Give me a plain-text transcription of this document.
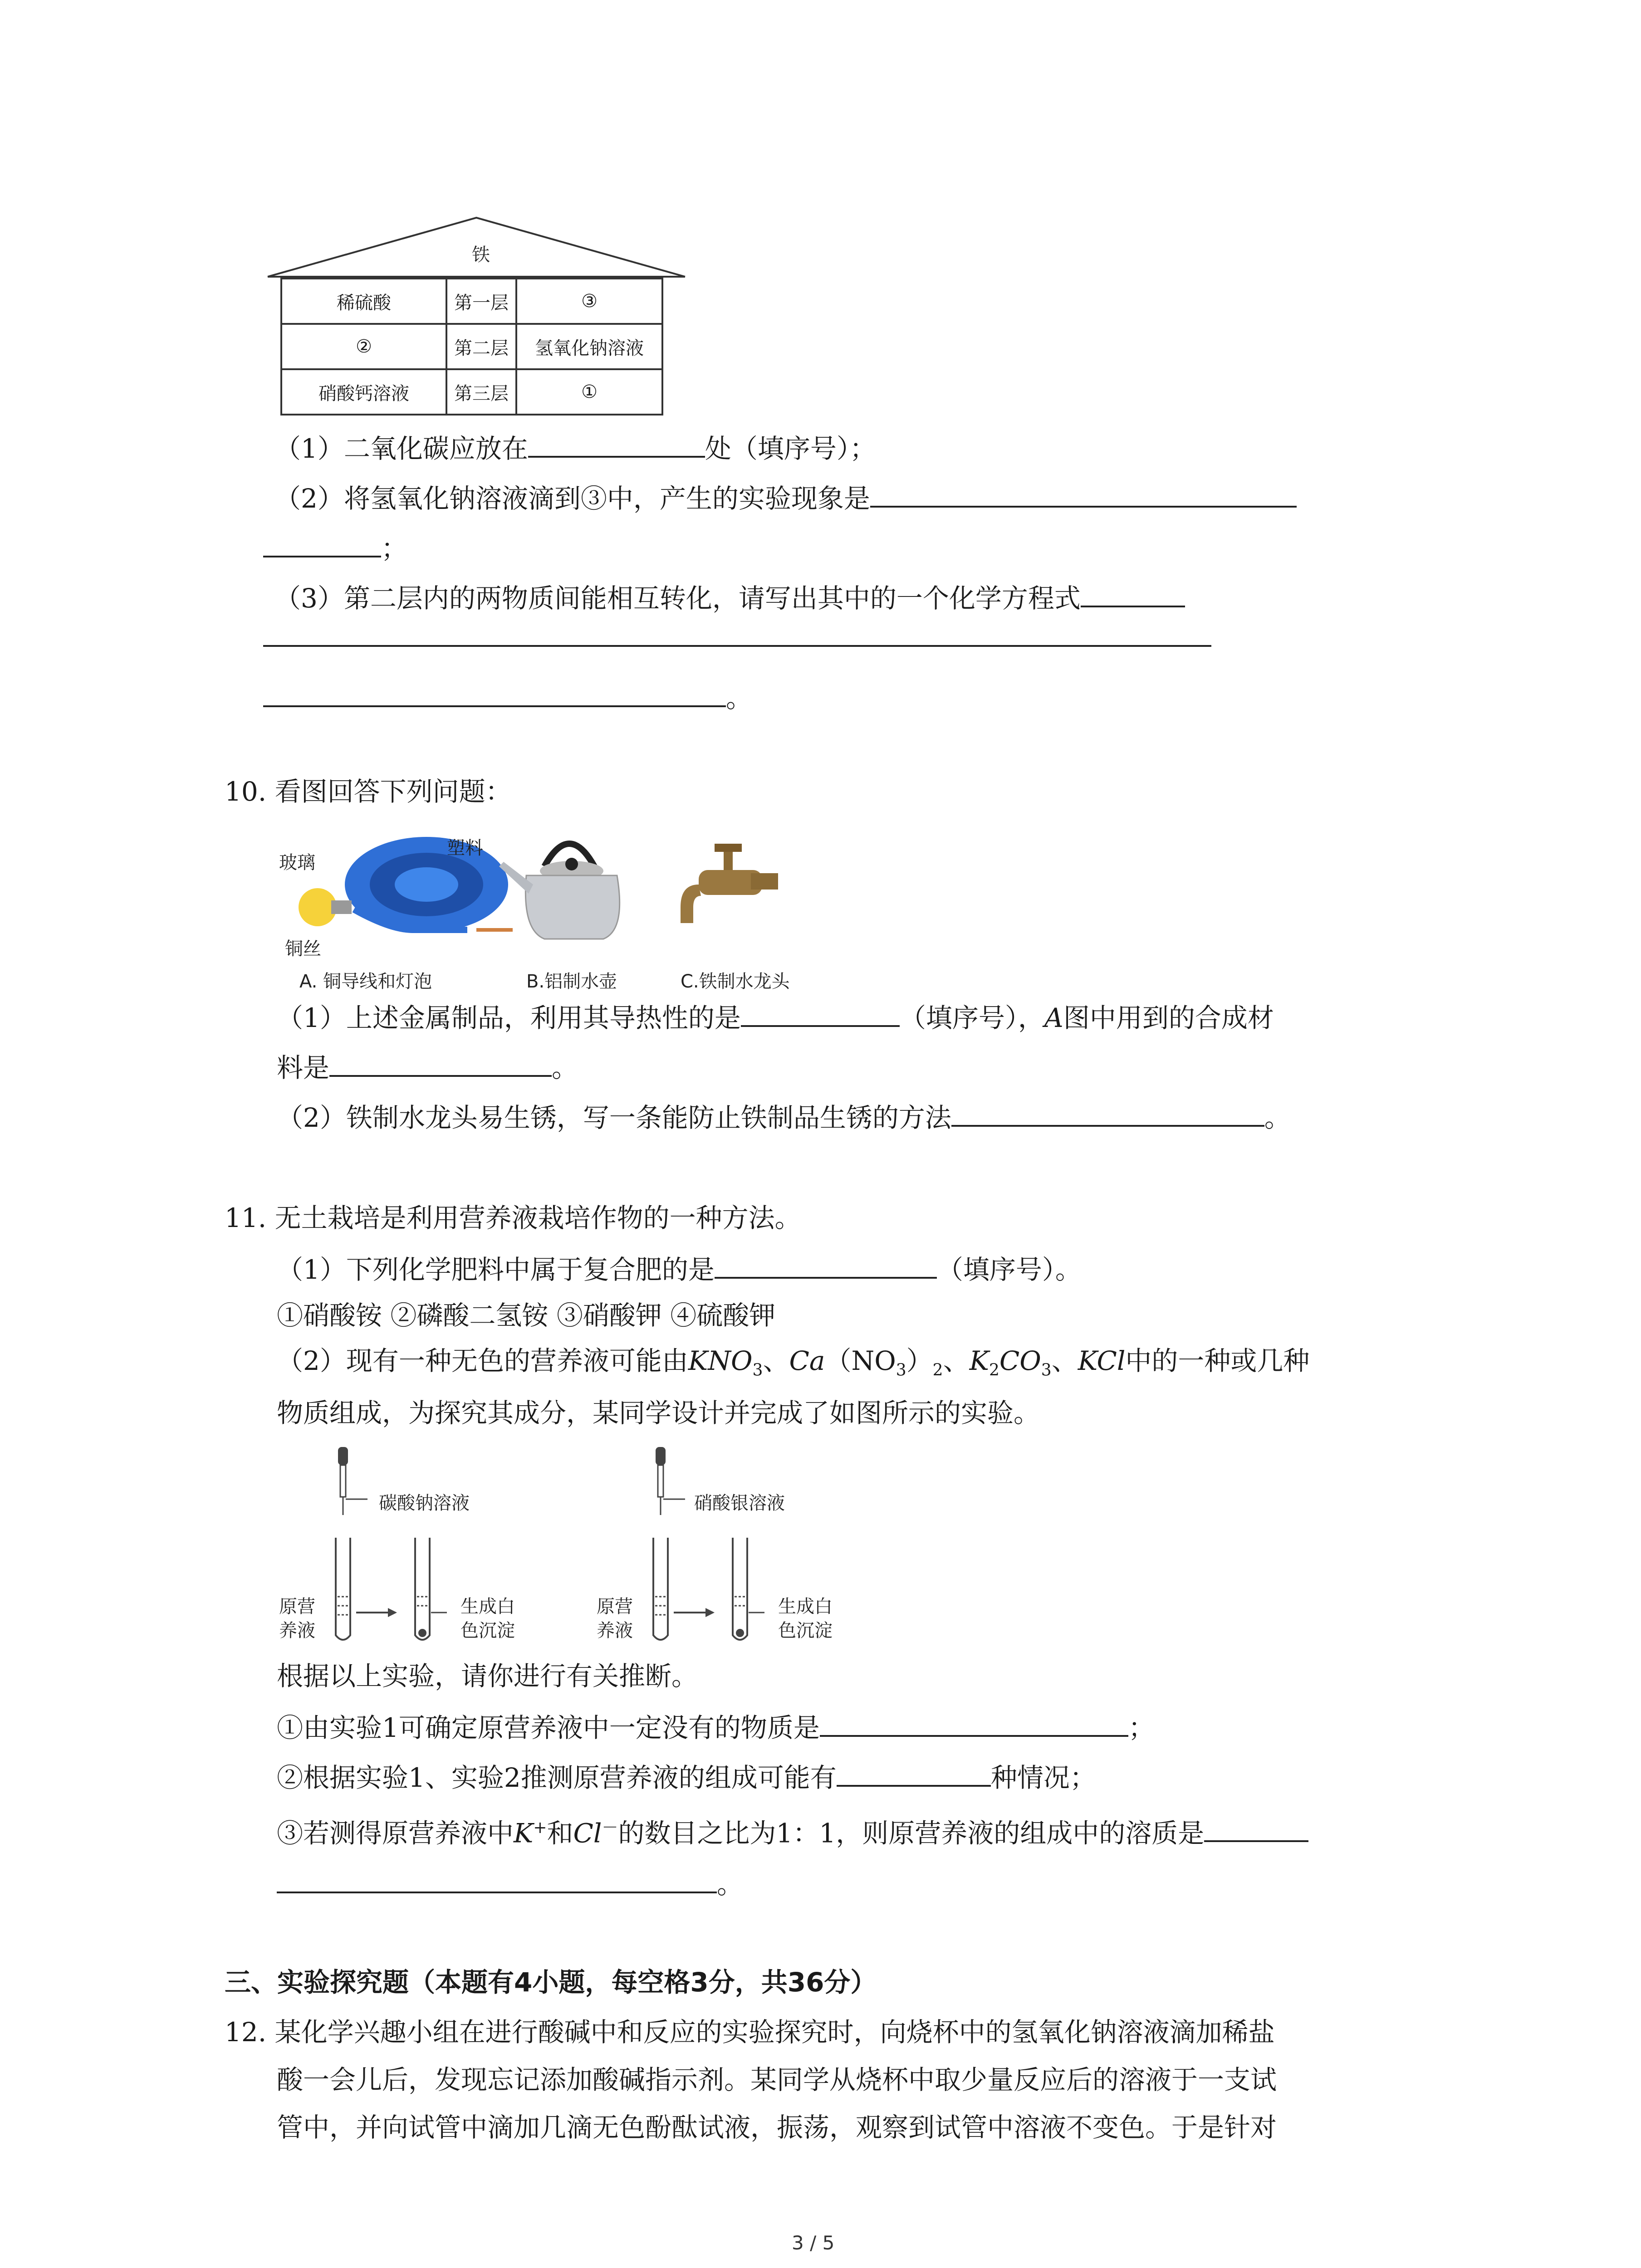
铁
稀硫酸	第一层	③
②	第二层	氢氧化钠溶液
硝酸钙溶液	第三层	①
（1）二氧化碳应放在	处（填序号）；
（2）将氢氧化钠溶液滴到③中，产生的实验现象是
；
（3）第二层内的两物质间能相互转化，请写出其中的一个化学方程式
。
10. 看图回答下列问题：
玻璃
塑料
铜丝
A. 铜导线和灯泡	B.铝制水壶	C.铁制水龙头
（1）上述金属制品，利用其导热性的是	（填序号），A图中用到的合成材
料是	。
（2）铁制水龙头易生锈，写一条能防止铁制品生锈的方法	。
11. 无土栽培是利用营养液栽培作物的一种方法。
（1）下列化学肥料中属于复合肥的是	（填序号）。
①硝酸铵 ②磷酸二氢铵 ③硝酸钾 ④硫酸钾
（2）现有一种无色的营养液可能由$KNO_3$、$Ca(NO_3)_2$、$K_2CO_3$、KCl中的一种或几种
物质组成，为探究其成分，某同学设计并完成了如图所示的实验。
碳酸钠溶液	硝酸银溶液
原营
养液
生成白
色沉淀
原营
养液
生成白
色沉淀
根据以上实验，请你进行有关推断。
①由实验1可确定原营养液中一定没有的物质是	；
②根据实验1、实验2推测原营养液的组成可能有	种情况；
③若测得原营养液中K+和Cl－的数目之比为1：1，则原营养液的组成中的溶质是
。
三、实验探究题（本题有4小题，每空格3分，共36分）
12. 某化学兴趣小组在进行酸碱中和反应的实验探究时，向烧杯中的氢氧化钠溶液滴加稀盐
酸一会儿后，发现忘记添加酸碱指示剂。某同学从烧杯中取少量反应后的溶液于一支试
管中，并向试管中滴加几滴无色酚酞试液，振荡，观察到试管中溶液不变色。于是针对
3 / 5
